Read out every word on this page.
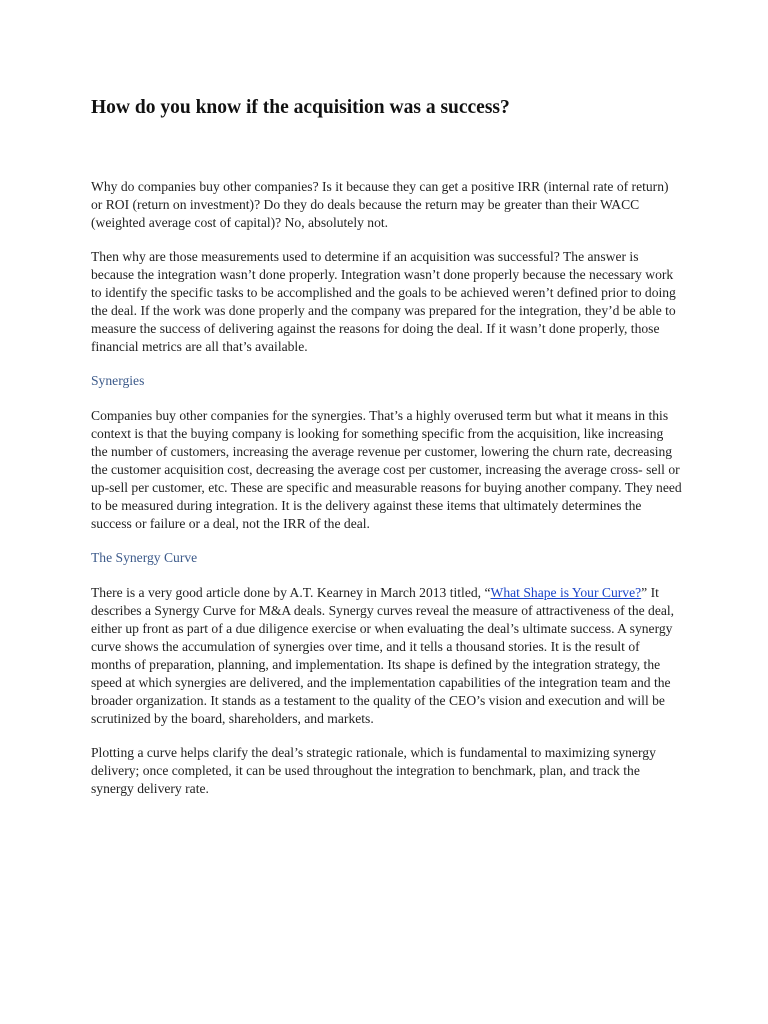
How do you know if the acquisition was a success?

Why do companies buy other companies? Is it because they can get a positive IRR (internal rate of return) or ROI (return on investment)? Do they do deals because the return may be greater than their WACC (weighted average cost of capital)? No, absolutely not.

Then why are those measurements used to determine if an acquisition was successful? The answer is because the integration wasn’t done properly. Integration wasn’t done properly because the necessary work to identify the specific tasks to be accomplished and the goals to be achieved weren’t defined prior to doing the deal. If the work was done properly and the company was prepared for the integration, they’d be able to measure the success of delivering against the reasons for doing the deal. If it wasn’t done properly, those financial metrics are all that’s available.

Synergies

Companies buy other companies for the synergies. That’s a highly overused term but what it means in this context is that the buying company is looking for something specific from the acquisition, like increasing the number of customers, increasing the average revenue per customer, lowering the churn rate, decreasing the customer acquisition cost, decreasing the average cost per customer, increasing the average cross- sell or up-sell per customer, etc. These are specific and measurable reasons for buying another company. They need to be measured during integration. It is the delivery against these items that ultimately determines the success or failure or a deal, not the IRR of the deal.

The Synergy Curve

There is a very good article done by A.T. Kearney in March 2013 titled, “What Shape is Your Curve?” It describes a Synergy Curve for M&A deals. Synergy curves reveal the measure of attractiveness of the deal, either up front as part of a due diligence exercise or when evaluating the deal’s ultimate success. A synergy curve shows the accumulation of synergies over time, and it tells a thousand stories. It is the result of months of preparation, planning, and implementation. Its shape is defined by the integration strategy, the speed at which synergies are delivered, and the implementation capabilities of the integration team and the broader organization. It stands as a testament to the quality of the CEO’s vision and execution and will be scrutinized by the board, shareholders, and markets.

Plotting a curve helps clarify the deal’s strategic rationale, which is fundamental to maximizing synergy delivery; once completed, it can be used throughout the integration to benchmark, plan, and track the synergy delivery rate.
